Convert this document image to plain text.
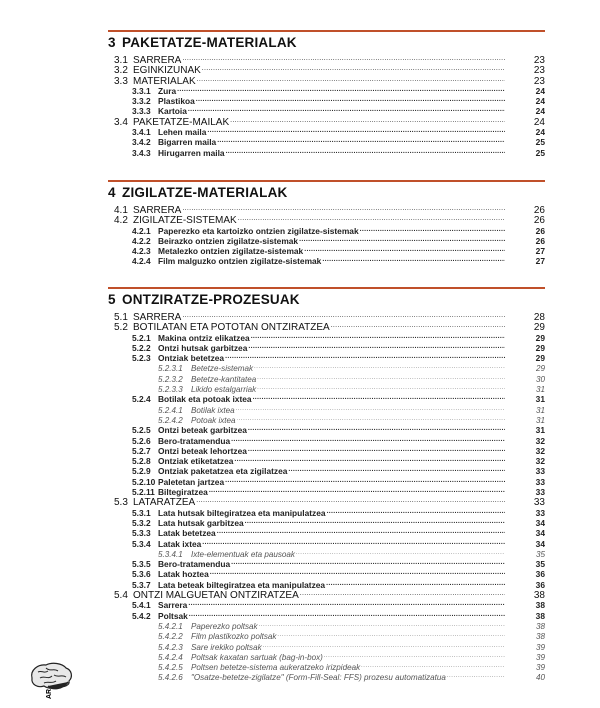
3 PAKETATZE-MATERIALAK
3.1 SARRERA .....	23
3.2 EGINKIZUNAK .....	23
3.3 MATERIALAK .....	23
3.3.1 Zura .....	24
3.3.2 Plastikoa .....	24
3.3.3 Kartoia .....	24
3.4 PAKETATZE-MAILAK .....	24
3.4.1 Lehen maila .....	24
3.4.2 Bigarren maila .....	25
3.4.3 Hirugarren maila .....	25
4 ZIGILATZE-MATERIALAK
4.1 SARRERA .....	26
4.2 ZIGILATZE-SISTEMAK .....	26
4.2.1 Paperezko eta kartoizko ontzien zigilatze-sistemak .....	26
4.2.2 Beirazko ontzien zigilatze-sistemak .....	26
4.2.3 Metalezko ontzien zigilatze-sistemak .....	27
4.2.4 Film malguzko ontzien zigilatze-sistemak .....	27
5 ONTZIRATZE-PROZESUAK
5.1 SARRERA .....	28
5.2 BOTILATAN ETA POTOTAN ONTZIRATZEA .....	29
5.2.1 Makina ontziz elikatzea .....	29
5.2.2 Ontzi hutsak garbitzea .....	29
5.2.3 Ontziak betetzea .....	29
5.2.3.1	Betetze-sistemak .....	29
5.2.3.2	Betetze-kantitatea .....	30
5.2.3.3	Likido estalgarriak .....	31
5.2.4 Botilak eta potoak ixtea .....	31
5.2.4.1	Botilak ixtea .....	31
5.2.4.2	Potoak ixtea .....	31
5.2.5 Ontzi beteak garbitzea .....	31
5.2.6 Bero-tratamendua .....	32
5.2.7 Ontzi beteak lehortzea .....	32
5.2.8 Ontziak etiketatzea .....	32
5.2.9 Ontziak paketatzea eta zigilatzea .....	33
5.2.10 Paletetan jartzea .....	33
5.2.11 Biltegiratzea .....	33
5.3 LATARATZEA .....	33
5.3.1 Lata hutsak biltegiratzea eta manipulatzea .....	33
5.3.2 Lata hutsak garbitzea .....	34
5.3.3 Latak betetzea .....	34
5.3.4 Latak ixtea .....	34
5.3.4.1	Ixte-elementuak eta pausoak .....	35
5.3.5 Bero-tratamendua .....	35
5.3.6 Latak hoztea .....	36
5.3.7 Lata beteak biltegiratzea eta manipulatzea .....	36
5.4 ONTZI MALGUETAN ONTZIRATZEA .....	38
5.4.1 Sarrera .....	38
5.4.2 Poltsak .....	38
5.4.2.1	Paperezko poltsak .....	38
5.4.2.2	Film plastikozko poltsak .....	38
5.4.2.3	Sare irekiko poltsak .....	39
5.4.2.4	Poltsak kaxatan sartuak (bag-in-box) .....	39
5.4.2.5	Poltsen betetze-sistema aukeratzeko irizpideak .....	39
5.4.2.6	"Osatze-betetze-zigilatze" (Form-Fill-Seal: FFS) prozesu automatizatua .....	40
AR
